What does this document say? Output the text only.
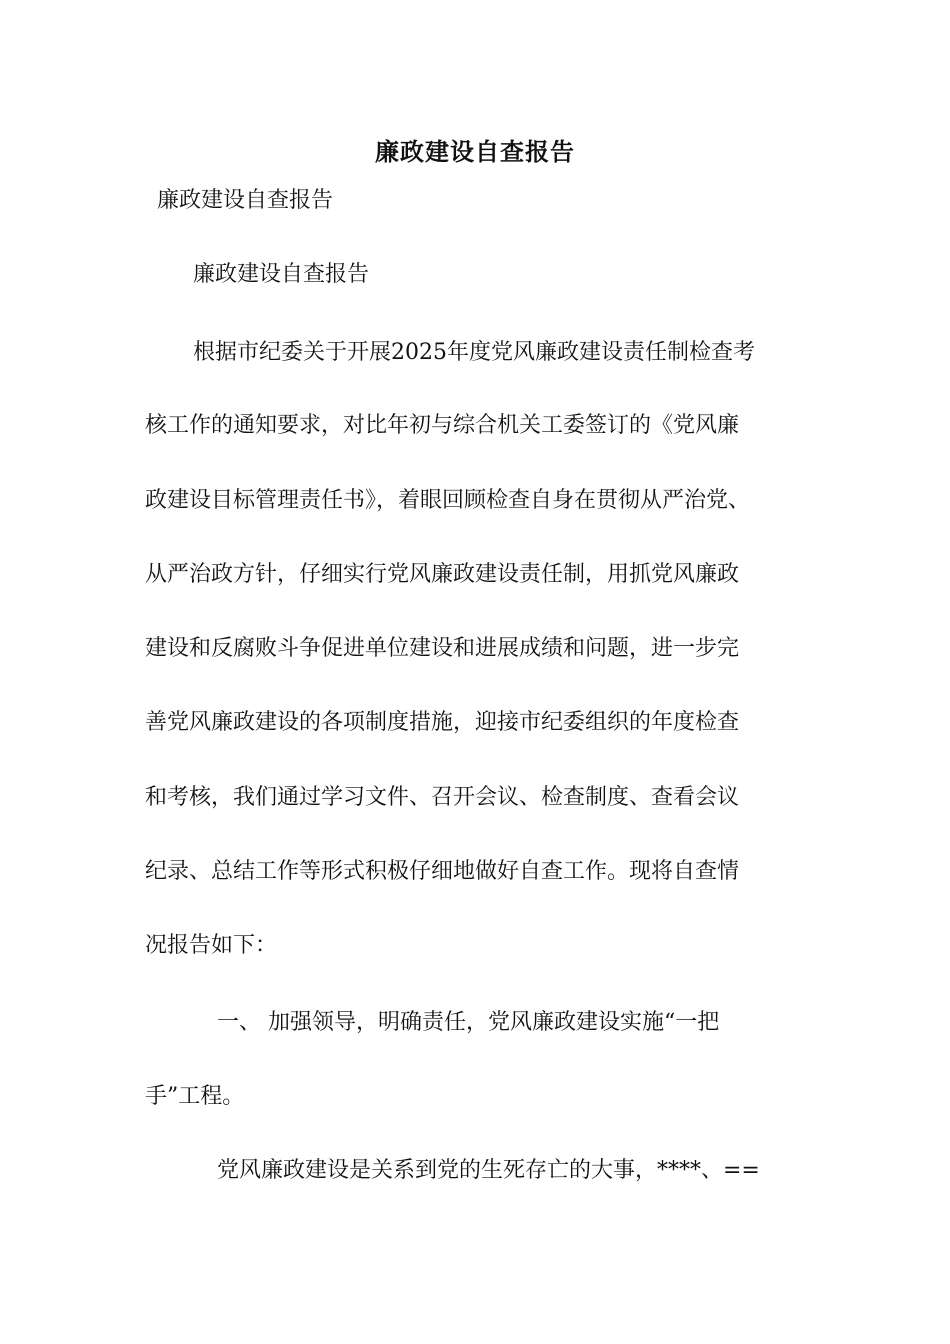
廉政建设自查报告
廉政建设自查报告
廉政建设自查报告
根据市纪委关于开展2025年度党风廉政建设责任制检查考
核工作的通知要求，对比年初与综合机关工委签订的《党风廉
政建设目标管理责任书》，着眼回顾检查自身在贯彻从严治党、
从严治政方针，仔细实行党风廉政建设责任制，用抓党风廉政
建设和反腐败斗争促进单位建设和进展成绩和问题，进一步完
善党风廉政建设的各项制度措施，迎接市纪委组织的年度检查
和考核，我们通过学习文件、召开会议、检查制度、查看会议
纪录、总结工作等形式积极仔细地做好自查工作。现将自查情
况报告如下：
一、 加强领导，明确责任，党风廉政建设实施“一把
手”工程。
党风廉政建设是关系到党的生死存亡的大事，****、==
